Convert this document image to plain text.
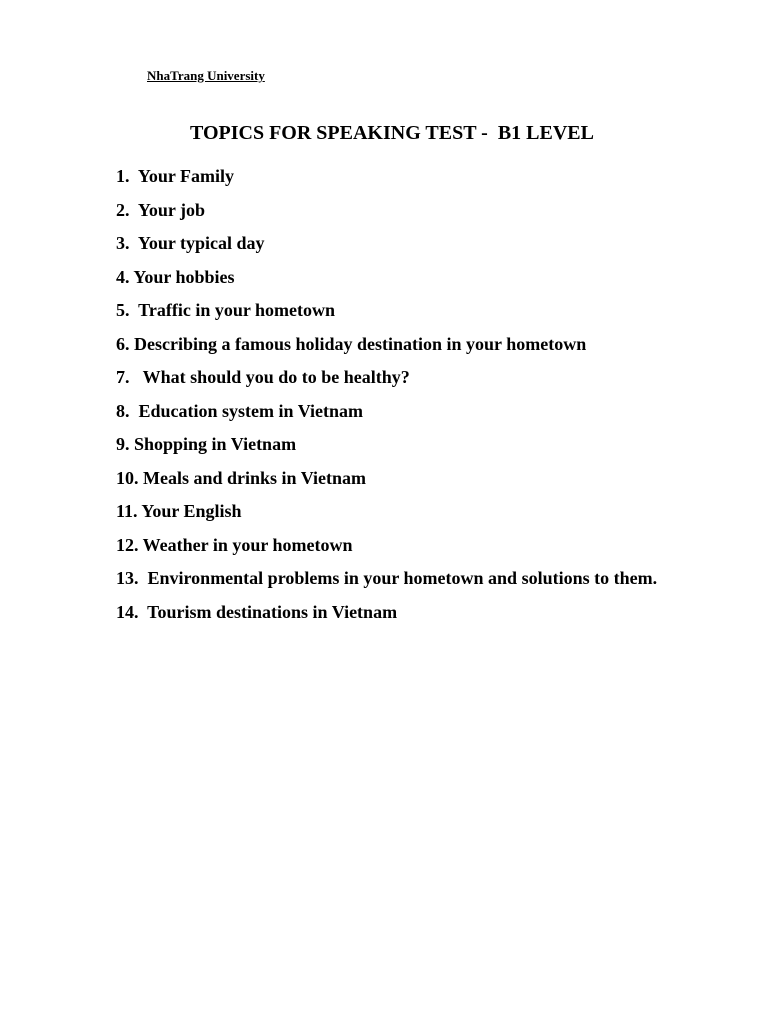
NhaTrang University
TOPICS FOR SPEAKING TEST -  B1 LEVEL
1.  Your Family
2.  Your job
3.  Your typical day
4. Your hobbies
5.  Traffic in your hometown
6. Describing a famous holiday destination in your hometown
7.   What should you do to be healthy?
8.  Education system in Vietnam
9. Shopping in Vietnam
10. Meals and drinks in Vietnam
11. Your English
12. Weather in your hometown
13.  Environmental problems in your hometown and solutions to them.
14.  Tourism destinations in Vietnam
